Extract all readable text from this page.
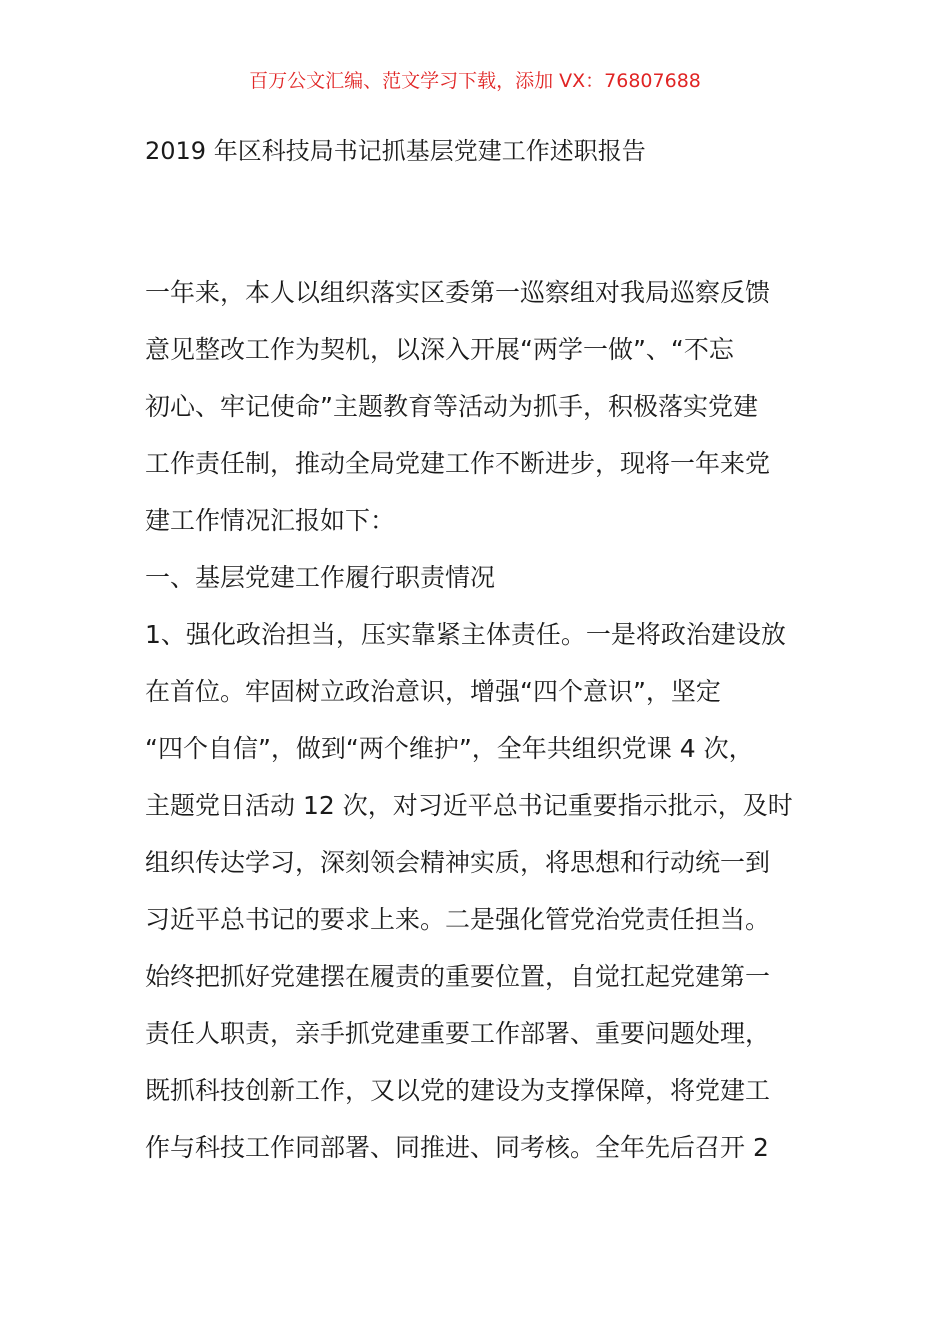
百万公文汇编、范文学习下载，添加 VX：76807688
2019 年区科技局书记抓基层党建工作述职报告
一年来，本人以组织落实区委第一巡察组对我局巡察反馈
意见整改工作为契机，以深入开展“两学一做”、“不忘
初心、牢记使命”主题教育等活动为抓手，积极落实党建
工作责任制，推动全局党建工作不断进步，现将一年来党
建工作情况汇报如下：
一、基层党建工作履行职责情况
1、强化政治担当，压实靠紧主体责任。一是将政治建设放
在首位。牢固树立政治意识，增强“四个意识”，坚定
“四个自信”，做到“两个维护”，全年共组织党课 4 次，
主题党日活动 12 次，对习近平总书记重要指示批示，及时
组织传达学习，深刻领会精神实质，将思想和行动统一到
习近平总书记的要求上来。二是强化管党治党责任担当。
始终把抓好党建摆在履责的重要位置，自觉扛起党建第一
责任人职责，亲手抓党建重要工作部署、重要问题处理，
既抓科技创新工作，又以党的建设为支撑保障，将党建工
作与科技工作同部署、同推进、同考核。全年先后召开 2
